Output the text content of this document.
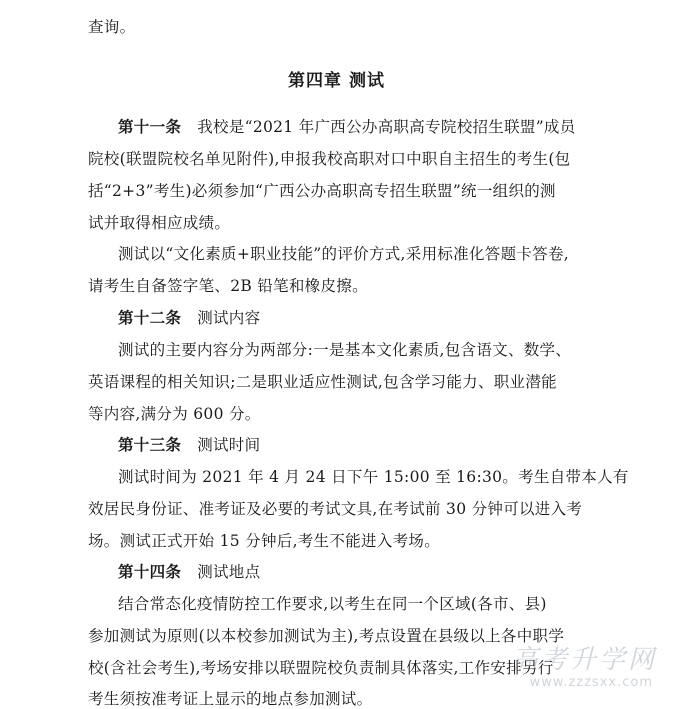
查询。
第四章 测试
第十一条 我校是“2021 年广西公办高职高专院校招生联盟”成员
院校(联盟院校名单见附件),申报我校高职对口中职自主招生的考生(包
括“2+3”考生)必须参加“广西公办高职高专招生联盟”统一组织的测
试并取得相应成绩。
测试以“文化素质+职业技能”的评价方式,采用标准化答题卡答卷,
请考生自备签字笔、2B 铅笔和橡皮擦。
第十二条 测试内容
测试的主要内容分为两部分:一是基本文化素质,包含语文、数学、
英语课程的相关知识;二是职业适应性测试,包含学习能力、职业潜能
等内容,满分为 600 分。
第十三条 测试时间
测试时间为 2021 年 4 月 24 日下午 15:00 至 16:30。考生自带本人有
效居民身份证、准考证及必要的考试文具,在考试前 30 分钟可以进入考
场。测试正式开始 15 分钟后,考生不能进入考场。
第十四条 测试地点
结合常态化疫情防控工作要求,以考生在同一个区域(各市、县)
参加测试为原则(以本校参加测试为主),考点设置在县级以上各中职学
校(含社会考生),考场安排以联盟院校负责制具体落实,工作安排另行
考生须按准考证上显示的地点参加测试。
高考升学网
www.zzzsxx.com
